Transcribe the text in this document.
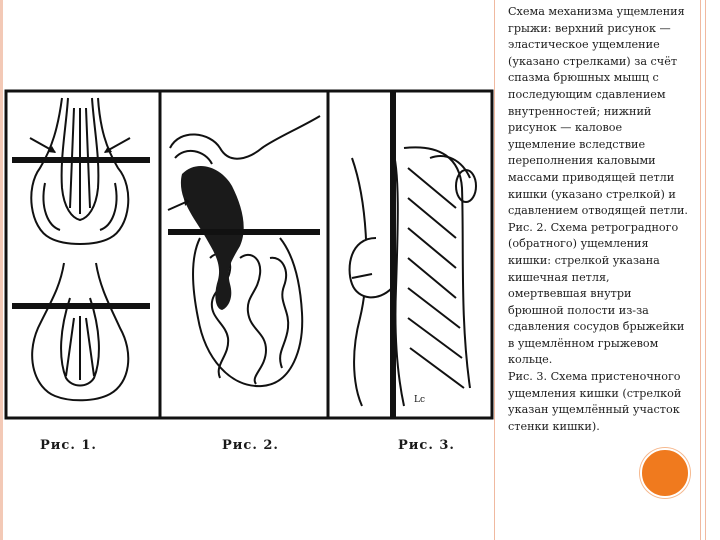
Схема механизма ущемления грыжи: верхний рисунок — эластическое ущемление (указано стрелками) за счёт спазма брюшных мышц с последующим сдавлением внутренностей; нижний рисунок — каловое ущемление вследствие переполнения каловыми массами приводящей петли кишки (указано стрелкой) и сдавлением отводящей петли.
Рис. 2. Схема ретроградного (обратного) ущемления кишки: стрелкой указана кишечная петля, омертвевшая внутри брюшной полости из-за сдавления сосудов брыжейки в ущемлённом грыжевом кольце.
Рис. 3. Схема пристеночного ущемления кишки (стрелкой указан ущемлённый участок стенки кишки).
Lc
Рис. 1.	Рис. 2.	Рис. 3.
